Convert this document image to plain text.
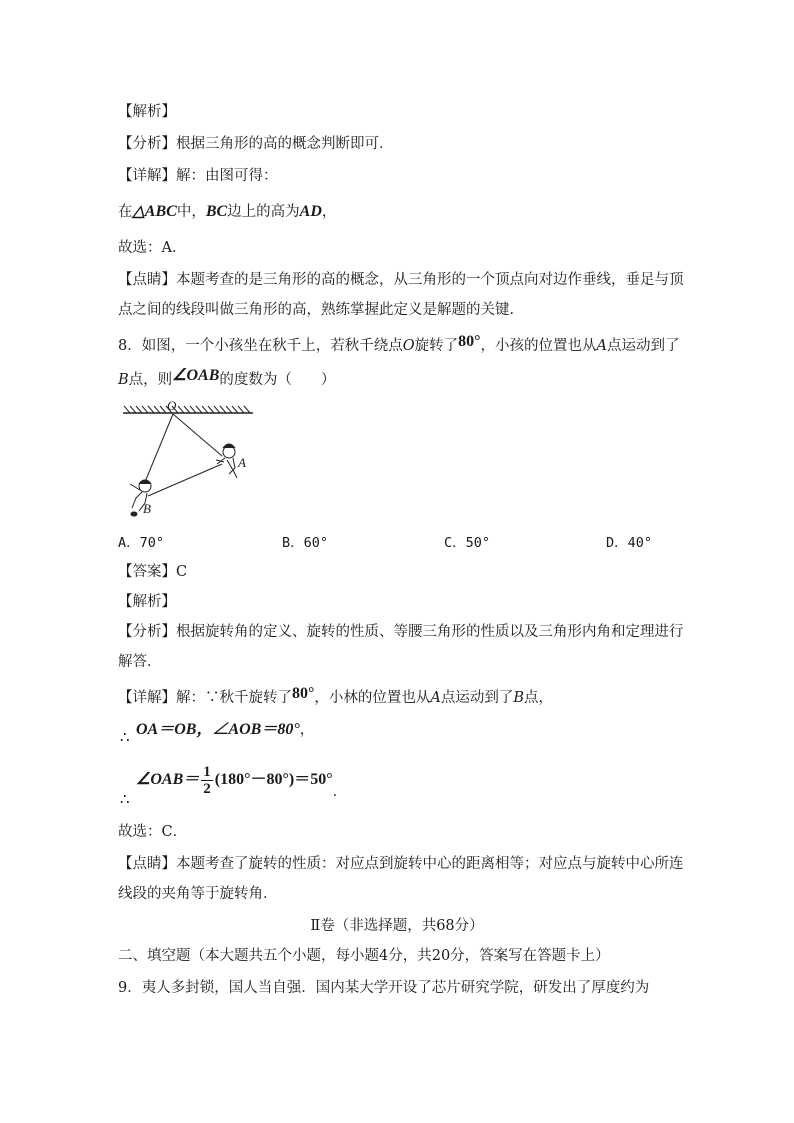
【解析】
【分析】根据三角形的高的概念判断即可．
【详解】解：由图可得：
在△ABC中，BC边上的高为AD，
故选：A．
【点睛】本题考查的是三角形的高的概念，从三角形的一个顶点向对边作垂线，垂足与顶
点之间的线段叫做三角形的高，熟练掌握此定义是解题的关键．
8．如图，一个小孩坐在秋千上，若秋千绕点O旋转了80°，小孩的位置也从A点运动到了
B点，则∠OAB的度数为（　　）
O
A
B
A．70°	B．60°	C．50°	D．40°
【答案】C
【解析】
【分析】根据旋转角的定义、旋转的性质、等腰三角形的性质以及三角形内角和定理进行
解答．
【详解】解：∵秋千旋转了80°，小林的位置也从A点运动到了B点，
∴ OA＝OB，∠AOB＝80°，
∴
∠OAB＝ $\frac{1}{2} (180^\circ-80^\circ)=50^\circ$．
故选：C．
【点睛】本题考查了旋转的性质：对应点到旋转中心的距离相等；对应点与旋转中心所连
线段的夹角等于旋转角．
Ⅱ卷（非选择题，共68分）
二、填空题（本大题共五个小题，每小题4分，共20分，答案写在答题卡上）
9．夷人多封锁，国人当自强．国内某大学开设了芯片研究学院，研发出了厚度约为
